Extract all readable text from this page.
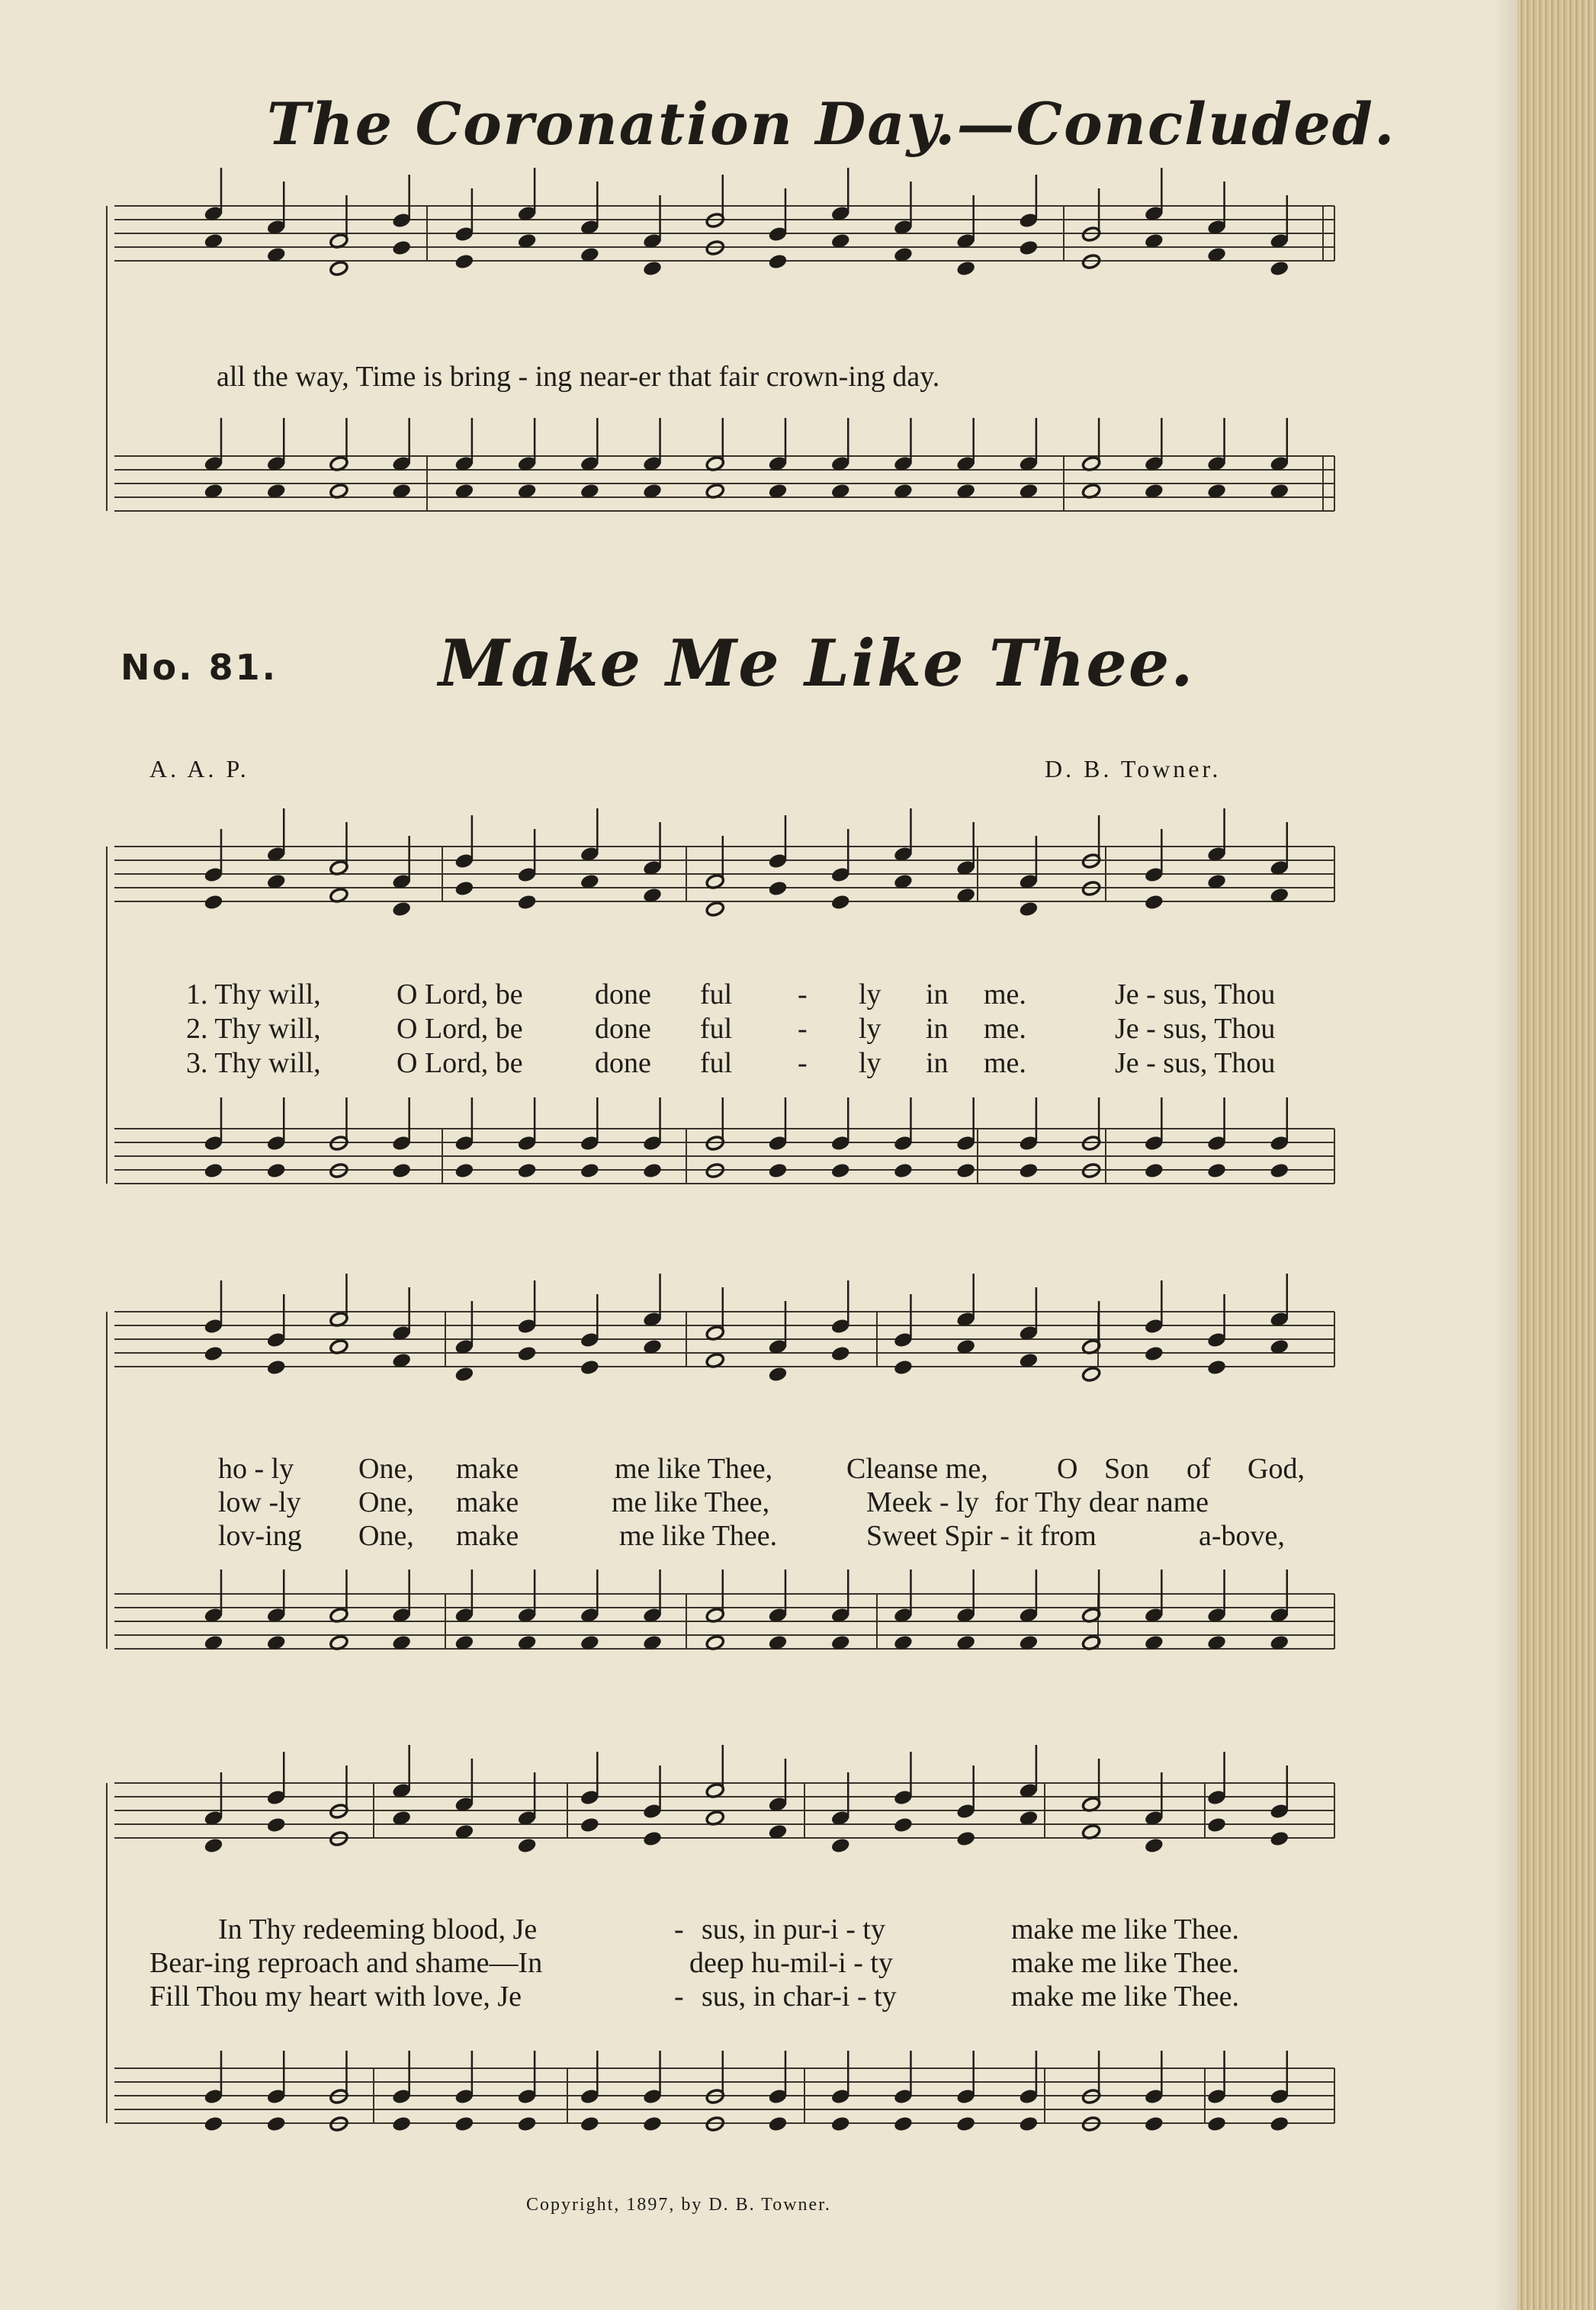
The Coronation Day.—Concluded.
all the way, Time is bring - ing near-er that fair crown-ing day.
No. 81.	Make Me Like Thee.
A. A. P.	D. B. Towner.
1. Thy will,	O Lord, be done ful - ly in me.	Je - sus, Thou
2. Thy will,	O Lord, be done ful - ly in me.	Je - sus, Thou
3. Thy will,	O Lord, be done ful - ly in me.	Je - sus, Thou
ho - ly One, make	me like Thee,	Cleanse me, O Son of God,
low -ly One, make	me like Thee,	Meek - ly for Thy dear name
lov-ing One, make	me like Thee.	Sweet Spir - it from	a-bove,
In Thy redeeming blood, Je	- sus, in pur-i - ty	make me like Thee.
Bear-ing reproach and shame—In	deep hu-mil-i - ty	make me like Thee.
Fill Thou my heart with love, Je	- sus, in char-i - ty	make me like Thee.
Copyright, 1897, by D. B. Towner.
